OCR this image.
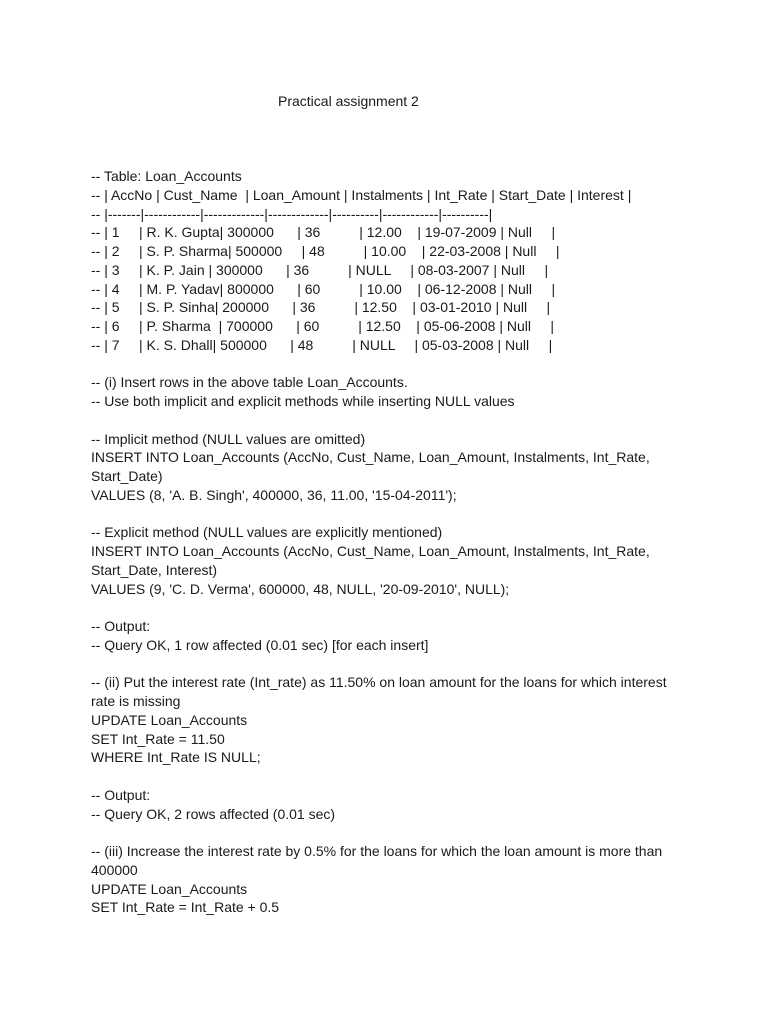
Practical assignment 2
-- Table: Loan_Accounts
-- | AccNo | Cust_Name  | Loan_Amount | Instalments | Int_Rate | Start_Date | Interest |
-- |-------|------------|-------------|-------------|----------|------------|----------|
-- | 1     | R. K. Gupta| 300000      | 36          | 12.00    | 19-07-2009 | Null     |
-- | 2     | S. P. Sharma| 500000     | 48          | 10.00    | 22-03-2008 | Null     |
-- | 3     | K. P. Jain | 300000      | 36          | NULL     | 08-03-2007 | Null     |
-- | 4     | M. P. Yadav| 800000      | 60          | 10.00    | 06-12-2008 | Null     |
-- | 5     | S. P. Sinha| 200000      | 36          | 12.50    | 03-01-2010 | Null     |
-- | 6     | P. Sharma  | 700000      | 60          | 12.50    | 05-06-2008 | Null     |
-- | 7     | K. S. Dhall| 500000      | 48          | NULL     | 05-03-2008 | Null     |
-- (i) Insert rows in the above table Loan_Accounts.
-- Use both implicit and explicit methods while inserting NULL values
-- Implicit method (NULL values are omitted)
INSERT INTO Loan_Accounts (AccNo, Cust_Name, Loan_Amount, Instalments, Int_Rate,
Start_Date)
VALUES (8, 'A. B. Singh', 400000, 36, 11.00, '15-04-2011');
-- Explicit method (NULL values are explicitly mentioned)
INSERT INTO Loan_Accounts (AccNo, Cust_Name, Loan_Amount, Instalments, Int_Rate,
Start_Date, Interest)
VALUES (9, 'C. D. Verma', 600000, 48, NULL, '20-09-2010', NULL);
-- Output:
-- Query OK, 1 row affected (0.01 sec) [for each insert]
-- (ii) Put the interest rate (Int_rate) as 11.50% on loan amount for the loans for which interest
rate is missing
UPDATE Loan_Accounts
SET Int_Rate = 11.50
WHERE Int_Rate IS NULL;
-- Output:
-- Query OK, 2 rows affected (0.01 sec)
-- (iii) Increase the interest rate by 0.5% for the loans for which the loan amount is more than
400000
UPDATE Loan_Accounts
SET Int_Rate = Int_Rate + 0.5
